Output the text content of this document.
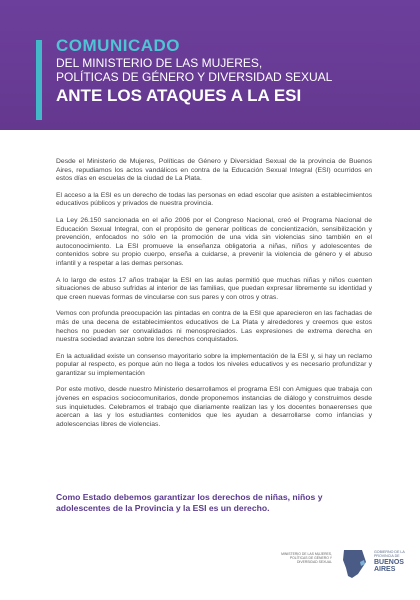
COMUNICADO
DEL MINISTERIO DE LAS MUJERES,
POLÍTICAS DE GÉNERO Y DIVERSIDAD SEXUAL
ANTE LOS ATAQUES A LA ESI

Desde el Ministerio de Mujeres, Políticas de Género y Diversidad Sexual de la provincia de Buenos Aires, repudiamos los actos vandálicos en contra de la Educación Sexual Integral (ESI) ocurridos en estos días en escuelas de la ciudad de La Plata.

El acceso a la ESI es un derecho de todas las personas en edad escolar que asisten a establecimientos educativos públicos y privados de nuestra provincia.

La Ley 26.150 sancionada en el año 2006 por el Congreso Nacional, creó el Programa Nacional de Educación Sexual Integral, con el propósito de generar políticas de concientización, sensibilización y prevención, enfocados no sólo en la promoción de una vida sin violencias sino también en el autoconocimiento. La ESI promueve la enseñanza obligatoria a niñas, niños y adolescentes de contenidos sobre su propio cuerpo, enseña a cuidarse, a prevenir la violencia de género y el abuso infantil y a respetar a las demas personas.

A lo largo de estos 17 años trabajar la ESI en las aulas permitió que muchas niñas y niños cuenten situaciones de abuso sufridas al interior de las familias, que puedan expresar libremente su identidad y que creen nuevas formas de vincularse con sus pares y con otros y otras.

Vemos con profunda preocupación las pintadas en contra de la ESI que aparecieron en las fachadas de más de una decena de establecimientos educativos de La Plata y alrededores y creemos que estos hechos no pueden ser convalidados ni menospreciados. Las expresiones de extrema derecha en nuestra sociedad avanzan sobre los derechos conquistados.

En la actualidad existe un consenso mayoritario sobre la implementación de la ESI y, si hay un reclamo popular al respecto, es porque aún no llega a todos los niveles educativos y es necesario profundizar y garantizar su implementación

Por este motivo, desde nuestro Ministerio desarrollamos el programa ESI con Amigues que trabaja con jóvenes en espacios sociocomunitarios, donde proponemos instancias de diálogo y construimos desde sus inquietudes. Celebramos el trabajo que diariamente realizan las y los docentes bonaerenses que acercan a las y los estudiantes contenidos que les ayudan a desarrollarse como infancias y adolescencias libres de violencias.

Como Estado debemos garantizar los derechos de niñas, niños y adolescentes de la Provincia y la ESI es un derecho.
MINISTERIO DE LAS MUJERES, POLÍTICAS DE GÉNERO Y DIVERSIDAD SEXUAL
GOBIERNO DE LA PROVINCIA DE
BUENOS
AIRES
